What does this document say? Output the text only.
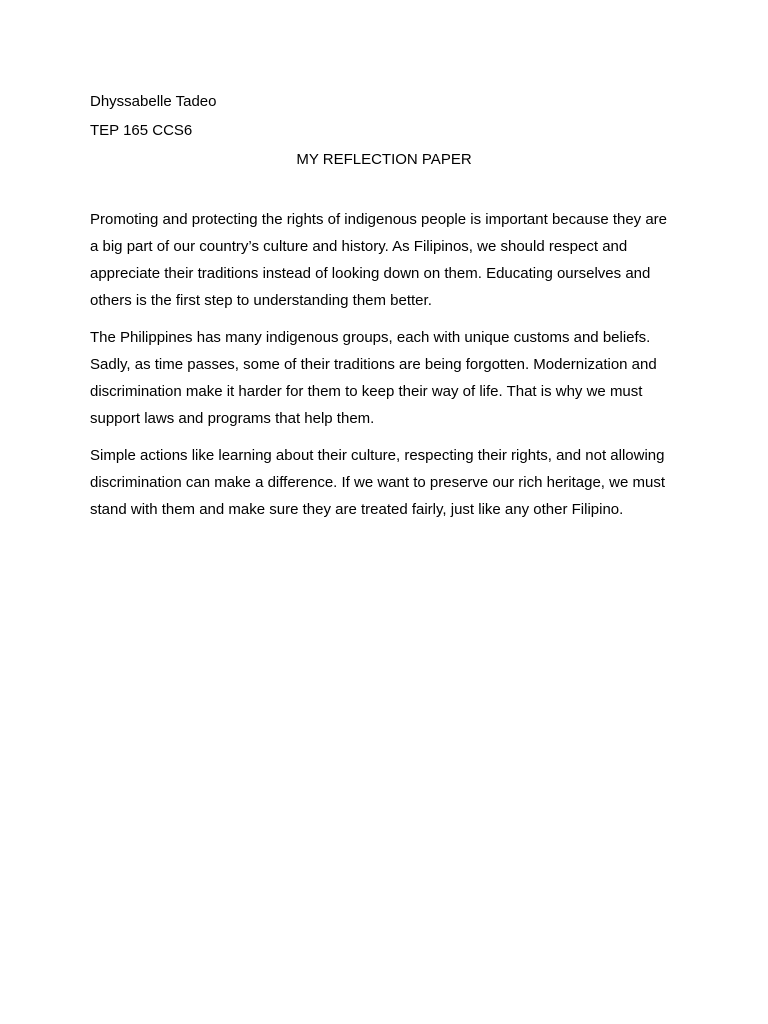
Dhyssabelle Tadeo
TEP 165 CCS6
MY REFLECTION PAPER

Promoting and protecting the rights of indigenous people is important because they are
a big part of our country’s culture and history. As Filipinos, we should respect and
appreciate their traditions instead of looking down on them. Educating ourselves and
others is the first step to understanding them better.

The Philippines has many indigenous groups, each with unique customs and beliefs.
Sadly, as time passes, some of their traditions are being forgotten. Modernization and
discrimination make it harder for them to keep their way of life. That is why we must
support laws and programs that help them.

Simple actions like learning about their culture, respecting their rights, and not allowing
discrimination can make a difference. If we want to preserve our rich heritage, we must
stand with them and make sure they are treated fairly, just like any other Filipino.
